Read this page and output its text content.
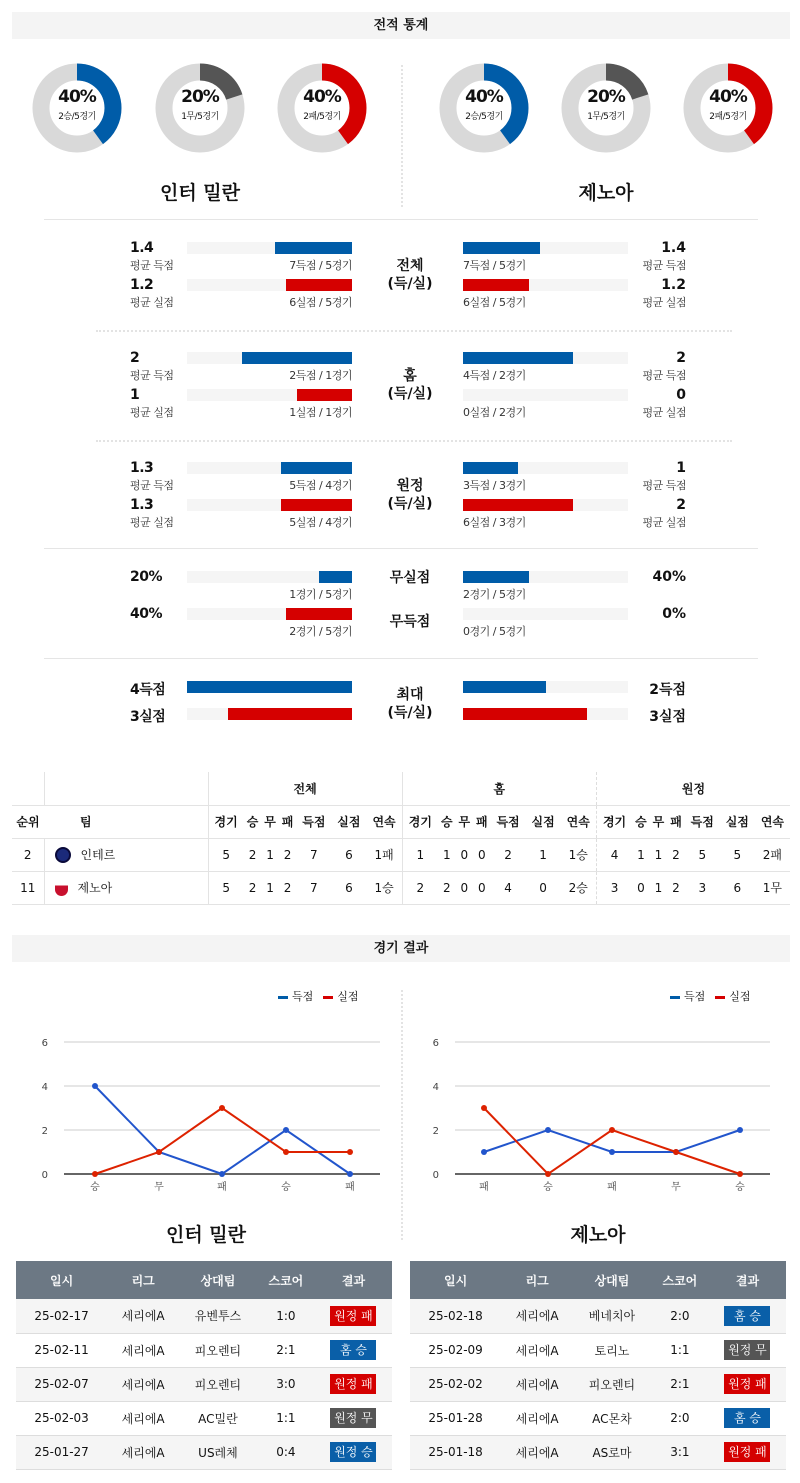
전적 통계
40%
2승/5경기
20%
1무/5경기
40%
2패/5경기
40%
2승/5경기
20%
1무/5경기
40%
2패/5경기
인터 밀란	제노아
1.4
평균 득점	7득점 / 5경기	7득점 / 5경기
1.4
평균 득점
1.2
평균 실점	6실점 / 5경기	6실점 / 5경기
1.2
평균 실점
전체
(득/실)
2
평균 득점	2득점 / 1경기	4득점 / 2경기
2
평균 득점
1
평균 실점	1실점 / 1경기	0실점 / 2경기
0
평균 실점
홈
(득/실)
1.3
평균 득점	5득점 / 4경기	3득점 / 3경기
1
평균 득점
1.3
평균 실점	5실점 / 4경기	6실점 / 3경기
2
평균 실점
원정
(득/실)
20%
1경기 / 5경기	2경기 / 5경기
40%
무실점
40%
2경기 / 5경기	0경기 / 5경기
0%
무득점
4득점	2득점
3실점	3실점
최대
(득/실)
		전체							홈							원정						
순위	팀	경기	승	무	패	득점	실점	연속	경기	승	무	패	득점	실점	연속	경기	승	무	패	득점	실점	연속
2	인테르	5	2	1	2	7	6	1패	1	1	0	0	2	1	1승	4	1	1	2	5	5	2패
11	제노아	5	2	1	2	7	6	1승	2	2	0	0	4	0	2승	3	0	1	2	3	6	1무
경기 결과
0
2
4
6
승	무	패	승	패
0
2
4
6
패	승	패	무	승
득점 실점	득점 실점
인터 밀란	제노아
일시	리그	상대팀	스코어	결과
25-02-17	세리에A	유벤투스	1:0	원정 패
25-02-11	세리에A	피오렌티	2:1	홈 승
25-02-07	세리에A	피오렌티	3:0	원정 패
25-02-03	세리에A	AC밀란	1:1	원정 무
25-01-27	세리에A	US레체	0:4	원정 승
일시	리그	상대팀	스코어	결과
25-02-18	세리에A	베네치아	2:0	홈 승
25-02-09	세리에A	토리노	1:1	원정 무
25-02-02	세리에A	피오렌티	2:1	원정 패
25-01-28	세리에A	AC몬차	2:0	홈 승
25-01-18	세리에A	AS로마	3:1	원정 패
